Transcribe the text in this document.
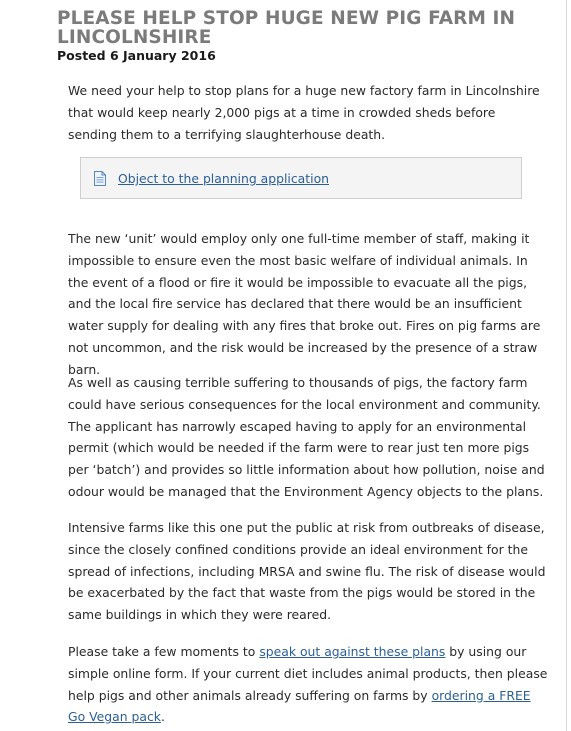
PLEASE HELP STOP HUGE NEW PIG FARM IN LINCOLNSHIRE
Posted 6 January 2016

We need your help to stop plans for a huge new factory farm in Lincolnshire that would keep nearly 2,000 pigs at a time in crowded sheds before sending them to a terrifying slaughterhouse death.

Object to the planning application

The new ‘unit’ would employ only one full-time member of staff, making it impossible to ensure even the most basic welfare of individual animals. In the event of a flood or fire it would be impossible to evacuate all the pigs, and the local fire service has declared that there would be an insufficient water supply for dealing with any fires that broke out. Fires on pig farms are not uncommon, and the risk would be increased by the presence of a straw barn.

As well as causing terrible suffering to thousands of pigs, the factory farm could have serious consequences for the local environment and community. The applicant has narrowly escaped having to apply for an environmental permit (which would be needed if the farm were to rear just ten more pigs per ‘batch’) and provides so little information about how pollution, noise and odour would be managed that the Environment Agency objects to the plans.

Intensive farms like this one put the public at risk from outbreaks of disease, since the closely confined conditions provide an ideal environment for the spread of infections, including MRSA and swine flu. The risk of disease would be exacerbated by the fact that waste from the pigs would be stored in the same buildings in which they were reared.

Please take a few moments to speak out against these plans by using our simple online form. If your current diet includes animal products, then please help pigs and other animals already suffering on farms by ordering a FREE Go Vegan pack.
